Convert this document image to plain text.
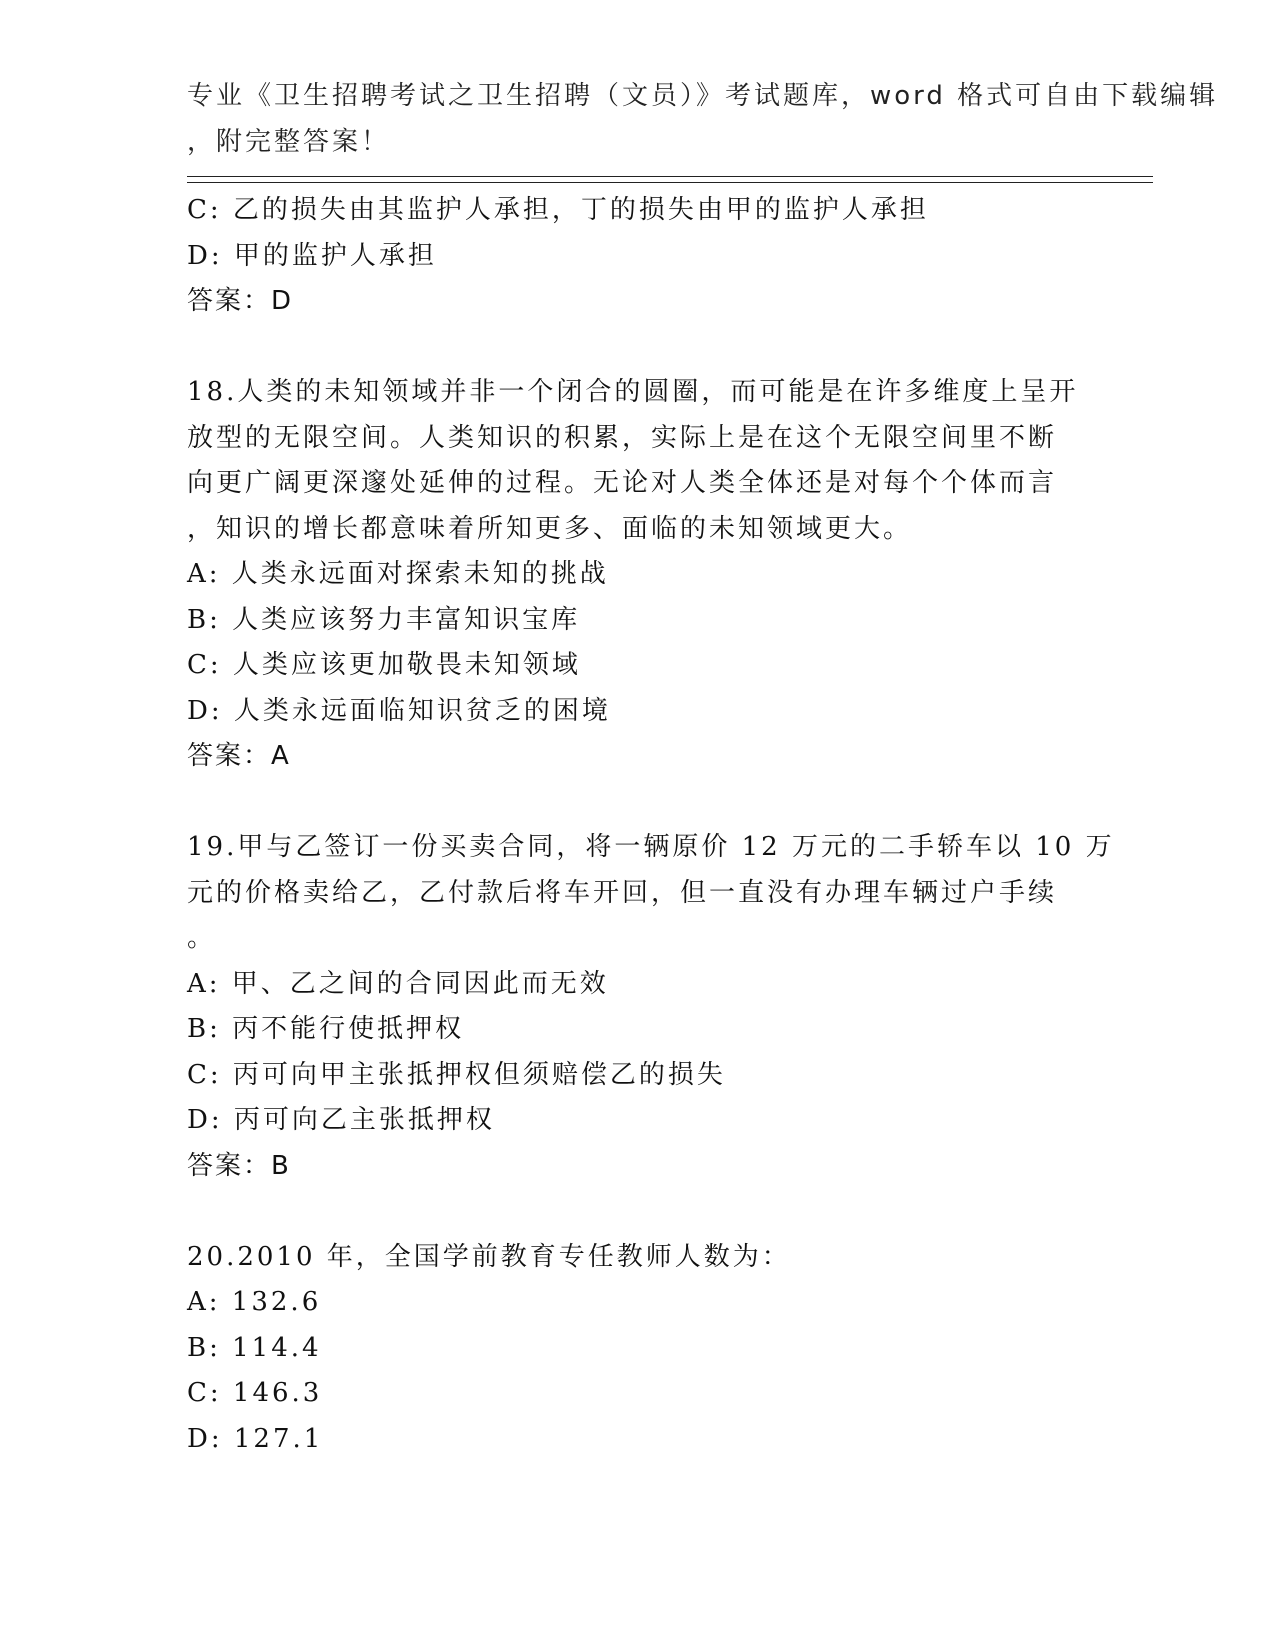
专业《卫生招聘考试之卫生招聘（文员）》考试题库，word 格式可自由下载编辑
，附完整答案！
C: 乙的损失由其监护人承担，丁的损失由甲的监护人承担
D: 甲的监护人承担
答案：D
18.人类的未知领域并非一个闭合的圆圈，而可能是在许多维度上呈开
放型的无限空间。人类知识的积累，实际上是在这个无限空间里不断
向更广阔更深邃处延伸的过程。无论对人类全体还是对每个个体而言
，知识的增长都意味着所知更多、面临的未知领域更大。
A: 人类永远面对探索未知的挑战
B: 人类应该努力丰富知识宝库
C: 人类应该更加敬畏未知领域
D: 人类永远面临知识贫乏的困境
答案：A
19.甲与乙签订一份买卖合同，将一辆原价 12 万元的二手轿车以 10 万
元的价格卖给乙，乙付款后将车开回，但一直没有办理车辆过户手续
。
A: 甲、乙之间的合同因此而无效
B: 丙不能行使抵押权
C: 丙可向甲主张抵押权但须赔偿乙的损失
D: 丙可向乙主张抵押权
答案：B
20.2010 年，全国学前教育专任教师人数为：
A: 132.6
B: 114.4
C: 146.3
D: 127.1
